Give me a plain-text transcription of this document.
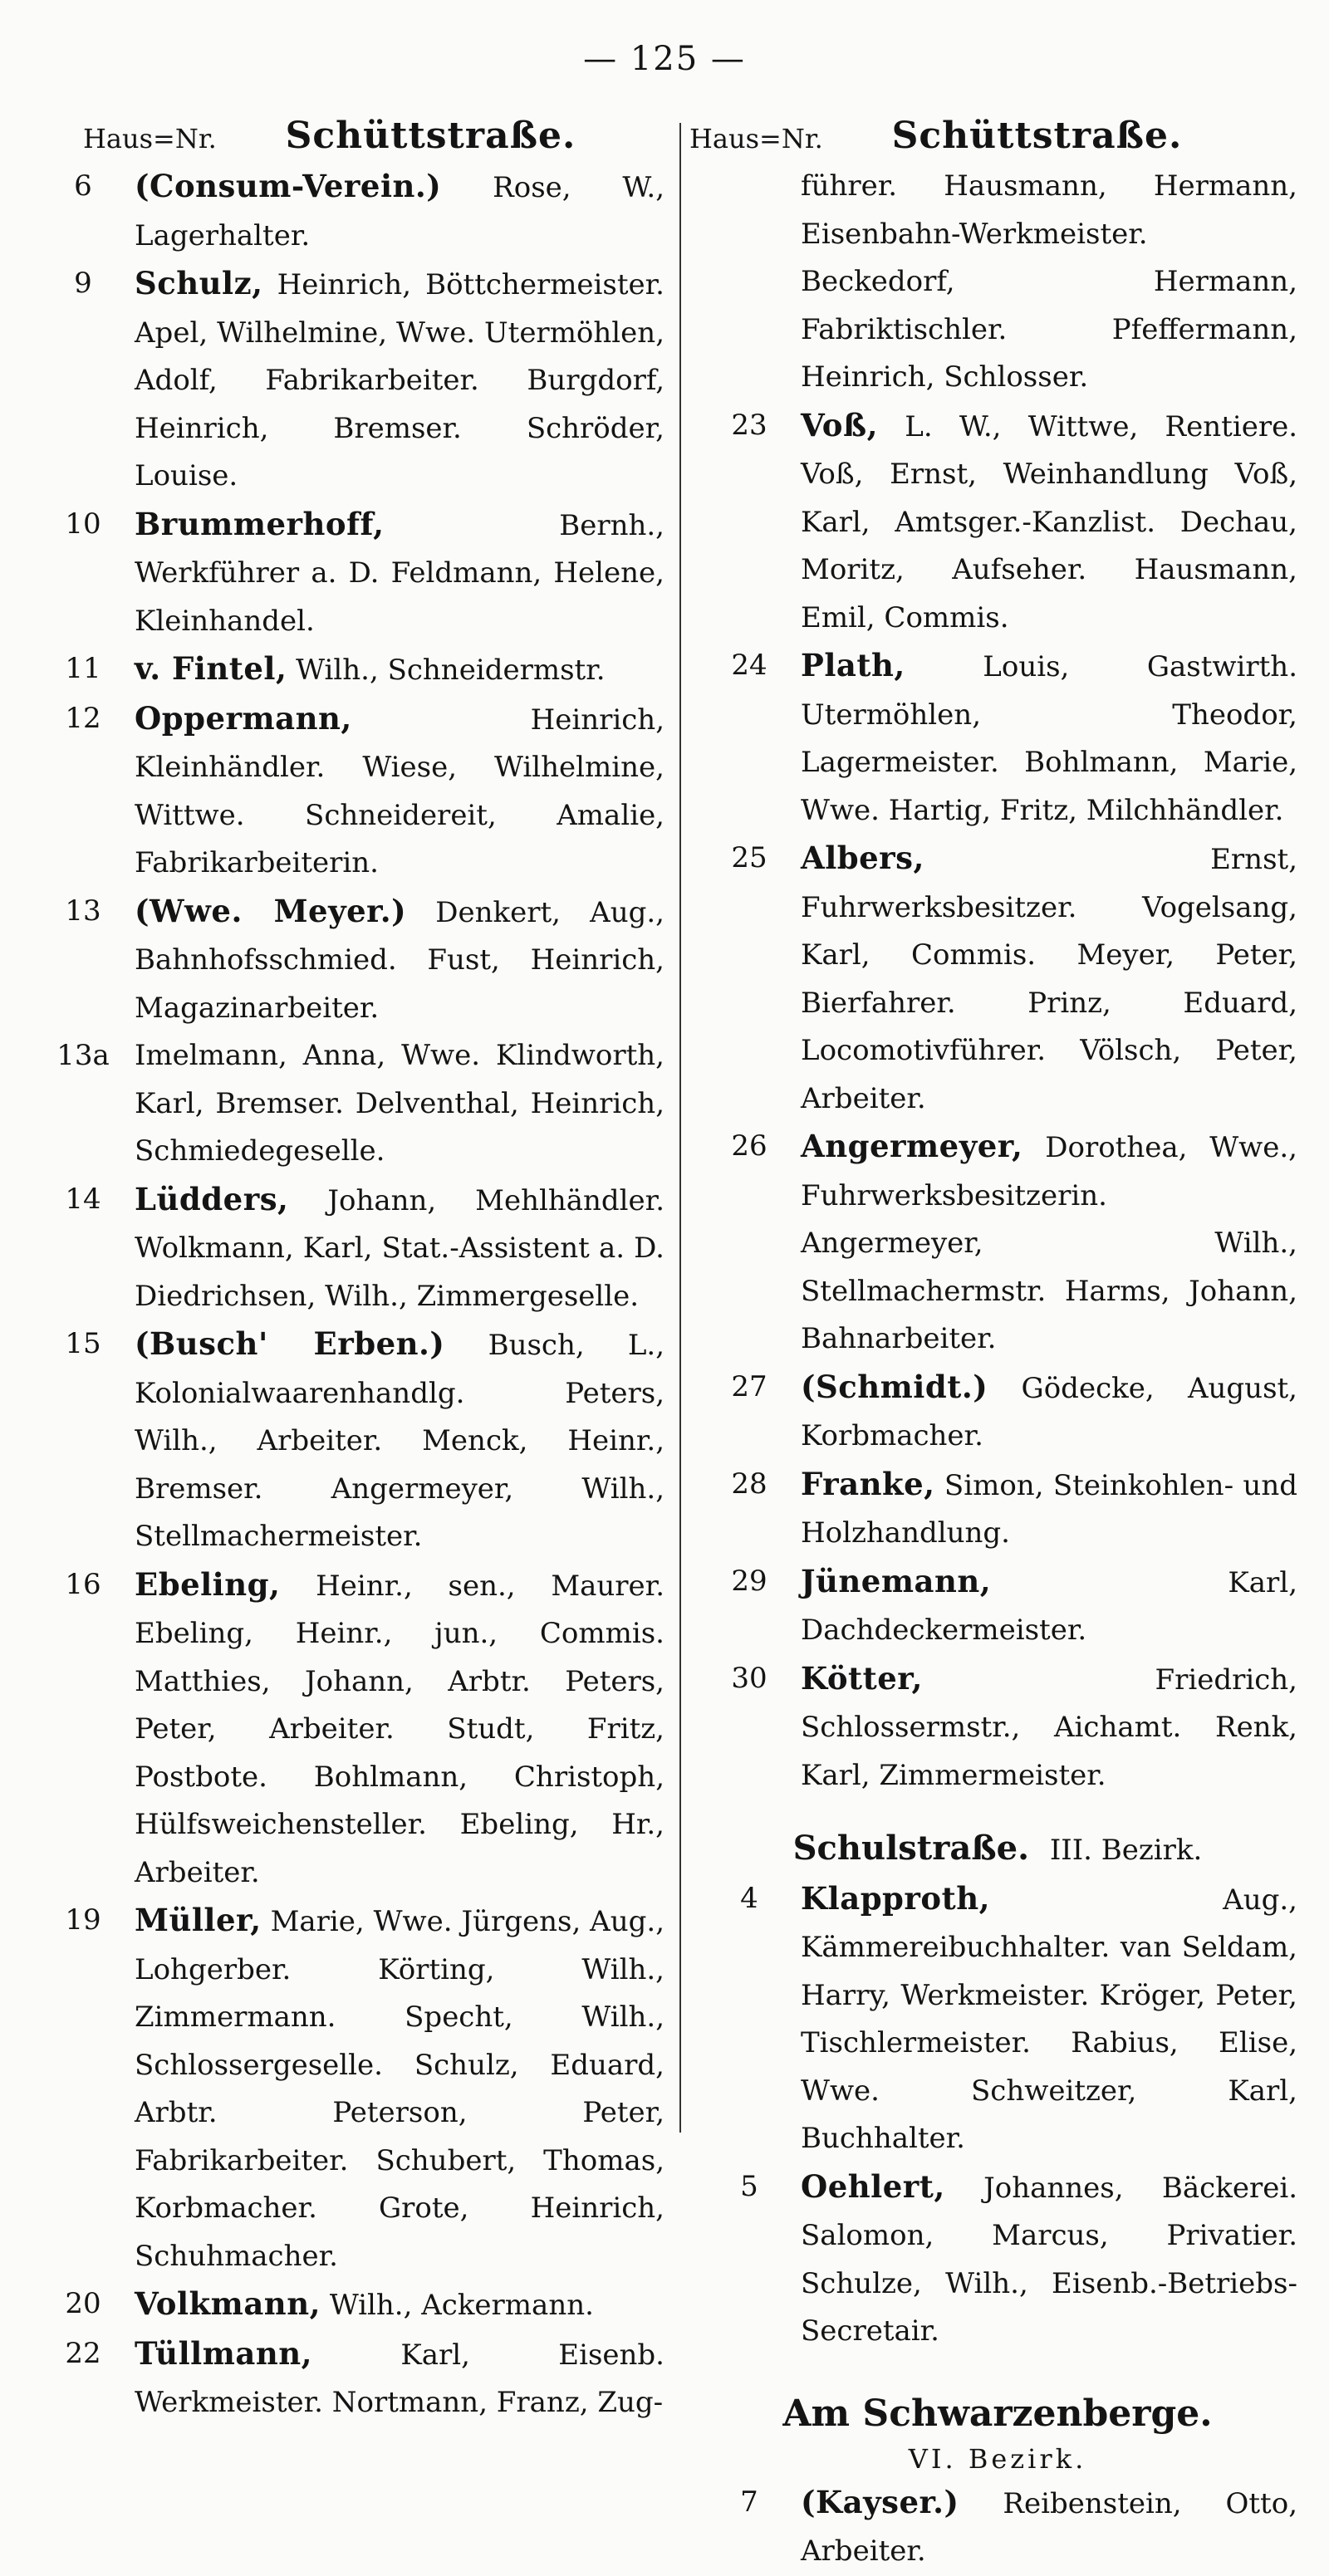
— 125 —
Haus=Nr. Schüttstraße.	Haus=Nr. Schüttstraße.
6	(Consum-Verein.) Rose, W., Lagerhalter.
9	Schulz, Heinrich, Böttchermeister. Apel, Wilhelmine, Wwe. Utermöhlen, Adolf, Fabrikarbeiter. Burgdorf, Heinrich, Bremser. Schröder, Louise.
10	Brummerhoff,	Bernh., Werkführer a. D. Feldmann, Helene, Kleinhandel.
11	v. Fintel, Wilh., Schneidermstr.
12	Oppermann,	Heinrich, Kleinhändler. Wiese, Wilhelmine, Wittwe. Schneidereit, Amalie, Fabrikarbeiterin.
13	(Wwe. Meyer.) Denkert, Aug., Bahnhofsschmied. Fust, Heinrich, Magazinarbeiter.
13a Imelmann, Anna, Wwe. Klindworth, Karl, Bremser. Delventhal, Heinrich, Schmiedegeselle.
14	Lüdders, Johann, Mehlhändler. Wolkmann, Karl, Stat.-Assistent a. D. Diedrichsen, Wilh., Zimmergeselle.
15	(Busch' Erben.) Busch, L., Kolonialwaarenhandlg. Peters, Wilh., Arbeiter. Menck, Heinr., Bremser. Angermeyer, Wilh., Stellmachermeister.
16	Ebeling, Heinr., sen., Maurer. Ebeling, Heinr., jun., Commis. Matthies, Johann, Arbtr. Peters, Peter, Arbeiter. Studt, Fritz, Postbote. Bohlmann, Christoph, Hülfsweichensteller. Ebeling, Hr., Arbeiter.
19	Müller, Marie, Wwe. Jürgens, Aug., Lohgerber. Körting, Wilh., Zimmermann. Specht, Wilh., Schlossergeselle. Schulz, Eduard, Arbtr. Peterson, Peter, Fabrikarbeiter. Schubert, Thomas, Korbmacher. Grote, Heinrich, Schuhmacher.
20	Volkmann, Wilh., Ackermann.
22	Tüllmann,	Karl, Eisenb. Werkmeister. Nortmann, Franz, Zug-
führer. Hausmann, Hermann, Eisenbahn-Werkmeister. Beckedorf, Hermann, Fabriktischler. Pfeffermann, Heinrich, Schlosser.
23	Voß, L. W., Wittwe, Rentiere. Voß, Ernst, Weinhandlung Voß, Karl, Amtsger.-Kanzlist. Dechau, Moritz, Aufseher. Hausmann, Emil, Commis.
24	Plath,	Louis, Gastwirth. Utermöhlen, Theodor, Lagermeister. Bohlmann, Marie, Wwe. Hartig, Fritz, Milchhändler.
25	Albers,	Ernst, Fuhrwerksbesitzer. Vogelsang, Karl, Commis. Meyer, Peter, Bierfahrer. Prinz, Eduard, Locomotivführer. Völsch, Peter, Arbeiter.
26	Angermeyer, Dorothea, Wwe., Fuhrwerksbesitzerin. Angermeyer, Wilh., Stellmachermstr. Harms, Johann, Bahnarbeiter.
27	(Schmidt.) Gödecke, August, Korbmacher.
28	Franke, Simon, Steinkohlen- und Holzhandlung.
29	Jünemann,	Karl, Dachdeckermeister.
30	Kötter,	Friedrich, Schlossermstr., Aichamt. Renk, Karl, Zimmermeister.
Schulstraße. III. Bezirk.
4	Klapproth,	Aug., Kämmereibuchhalter. van Seldam, Harry, Werkmeister. Kröger, Peter, Tischlermeister. Rabius, Elise, Wwe. Schweitzer, Karl, Buchhalter.
5	Oehlert, Johannes, Bäckerei. Salomon, Marcus, Privatier. Schulze, Wilh., Eisenb.-Betriebs-Secretair.
Am Schwarzenberge.
VI. Bezirk.
7	(Kayser.) Reibenstein, Otto, Arbeiter.
